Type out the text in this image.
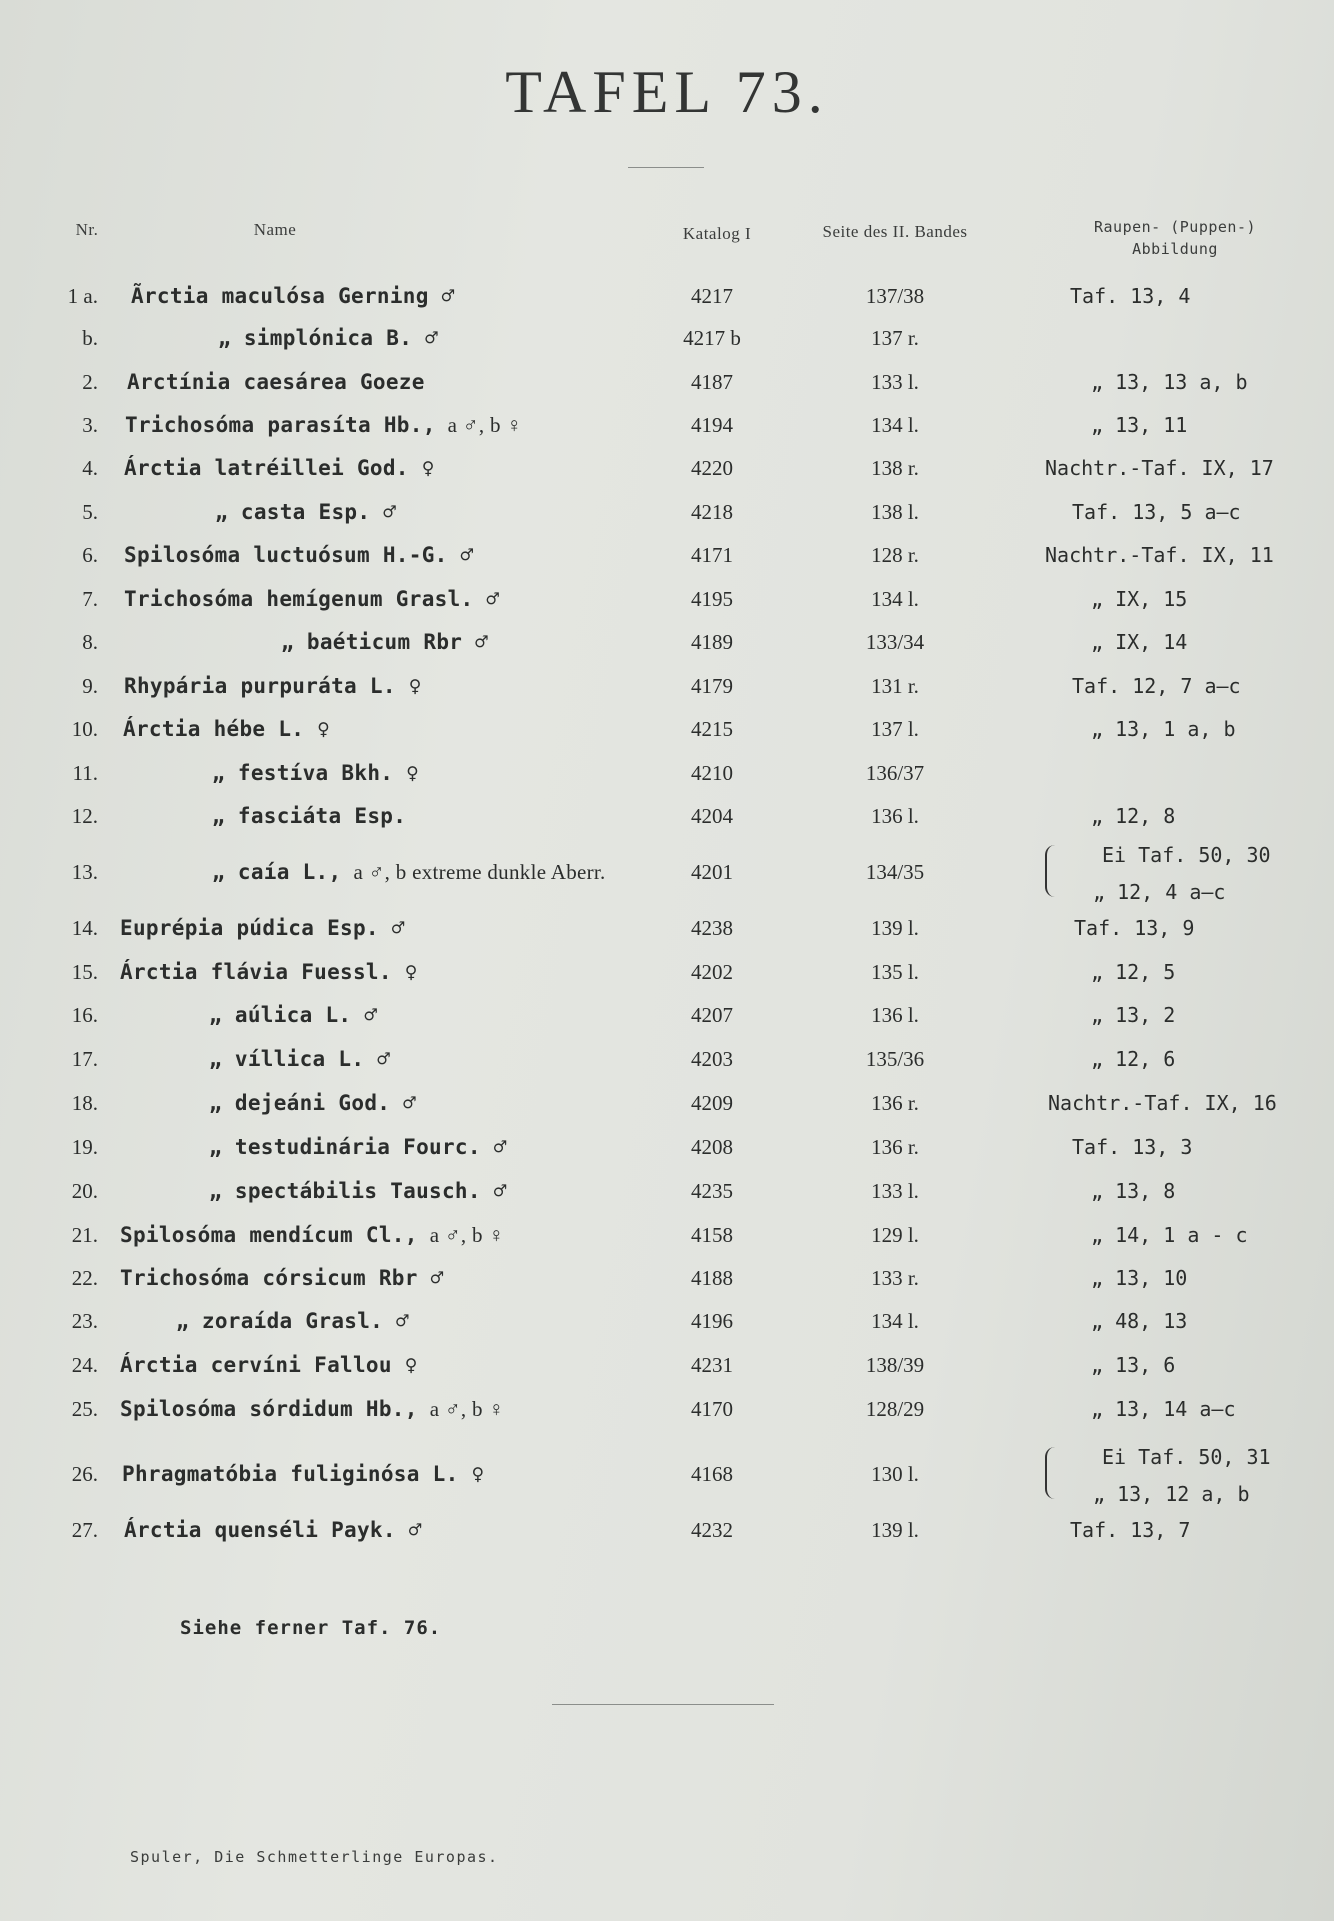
TAFEL 73.
Nr.	Name	Katalog I	Seite des II. Bandes	Raupen- (Puppen-)
Abbildung
1 a. Ãrctia maculósa Gerning ♂	4217	137/38	Taf. 13, 4
b.	„ simplónica B. ♂	4217 b	137 r.
2. Arctínia caesárea Goeze	4187	133 l.	„ 13, 13 a, b
3. Trichosóma parasíta Hb., a ♂, b ♀	4194	134 l.	„ 13, 11
4. Árctia latréillei God. ♀	4220	138 r.	Nachtr.-Taf. IX, 17
5.	„ casta Esp. ♂	4218	138 l.	Taf. 13, 5 a—c
6. Spilosóma luctuósum H.-G. ♂	4171	128 r.	Nachtr.-Taf. IX, 11
7. Trichosóma hemígenum Grasl. ♂	4195	134 l.	„ IX, 15
8.	„ baéticum Rbr ♂	4189	133/34	„ IX, 14
9. Rhypária purpuráta L. ♀	4179	131 r.	Taf. 12, 7 a—c
10. Árctia hébe L. ♀	4215	137 l.	„ 13, 1 a, b
11.	„ festíva Bkh. ♀	4210	136/37
12.	„ fasciáta Esp.	4204	136 l.	„ 12, 8
13.	„ caía L., a ♂, b extreme dunkle Aberr.	4201	134/35
Ei Taf. 50, 30
„ 12, 4 a—c
14. Euprépia púdica Esp. ♂	4238	139 l.	Taf. 13, 9
15. Árctia flávia Fuessl. ♀	4202	135 l.	„ 12, 5
16.	„ aúlica L. ♂	4207	136 l.	„ 13, 2
17.	„ víllica L. ♂	4203	135/36	„ 12, 6
18.	„ dejeáni God. ♂	4209	136 r.	Nachtr.-Taf. IX, 16
19.	„ testudinária Fourc. ♂	4208	136 r.	Taf. 13, 3
20.	„ spectábilis Tausch. ♂	4235	133 l.	„ 13, 8
21. Spilosóma mendícum Cl., a ♂, b ♀	4158	129 l.	„ 14, 1 a - c
22. Trichosóma córsicum Rbr ♂	4188	133 r.	„ 13, 10
23.	„ zoraída Grasl. ♂	4196	134 l.	„ 48, 13
24. Árctia cervíni Fallou ♀	4231	138/39	„ 13, 6
25. Spilosóma sórdidum Hb., a ♂, b ♀	4170	128/29	„ 13, 14 a—c
26. Phragmatóbia fuliginósa L. ♀	4168	130 l.
Ei Taf. 50, 31
„ 13, 12 a, b
27. Árctia quenséli Payk. ♂	4232	139 l.	Taf. 13, 7
Siehe ferner Taf. 76.
Spuler, Die Schmetterlinge Europas.
